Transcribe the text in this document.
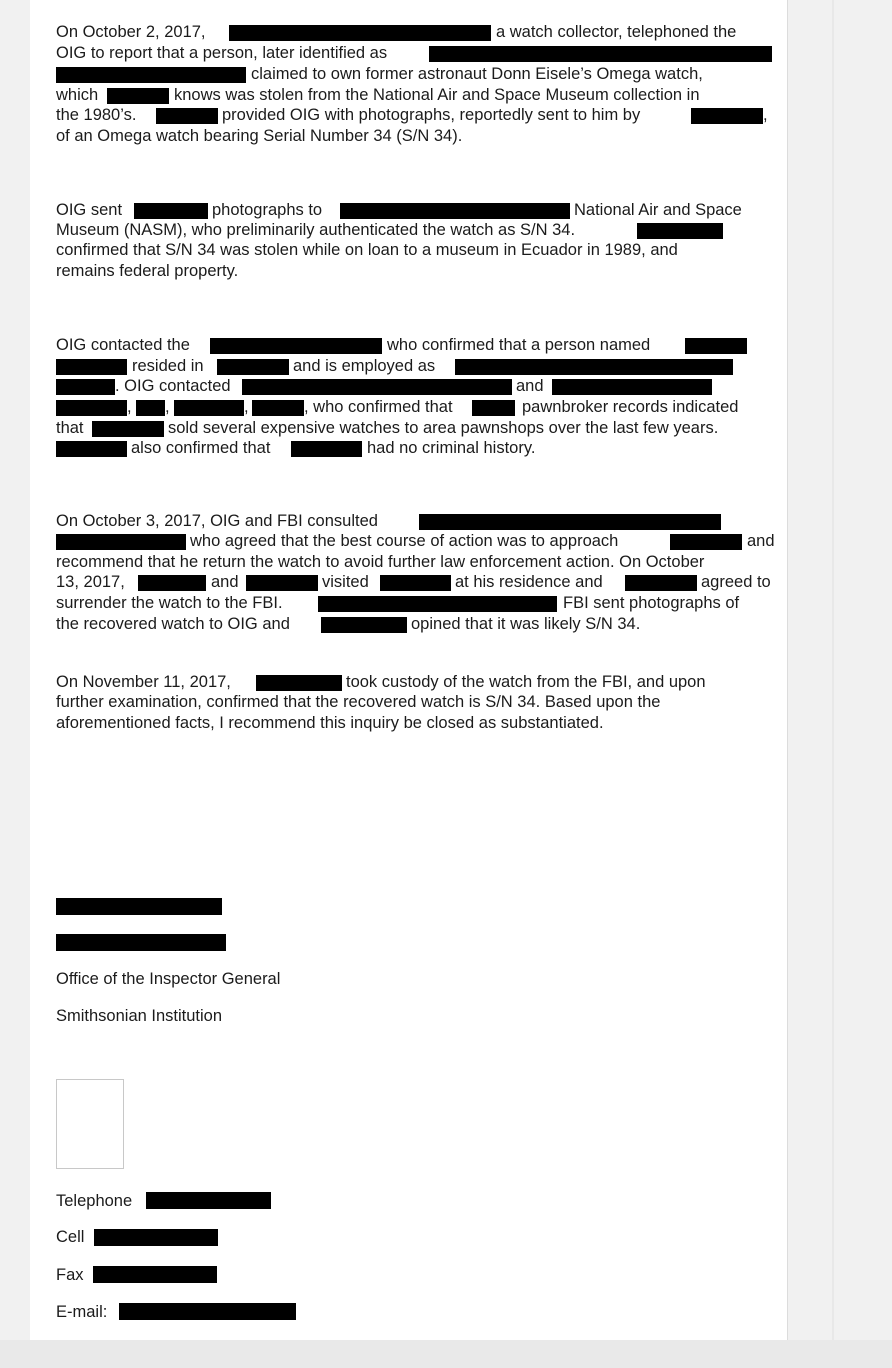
On October 2, 2017,	a watch collector, telephoned the
OIG to report that a person, later identified as
claimed to own former astronaut Donn Eisele’s Omega watch,
which	knows was stolen from the National Air and Space Museum collection in
the 1980’s.	provided OIG with photographs, reportedly sent to him by	,
of an Omega watch bearing Serial Number 34 (S/N 34).
OIG sent	photographs to	National Air and Space
Museum (NASM), who preliminarily authenticated the watch as S/N 34.
confirmed that S/N 34 was stolen while on loan to a museum in Ecuador in 1989, and
remains federal property.
OIG contacted the	who confirmed that a person named
resided in	and is employed as
. OIG contacted	and
, ,	,	, who confirmed that	pawnbroker records indicated
that	sold several expensive watches to area pawnshops over the last few years.
also confirmed that	had no criminal history.
On October 3, 2017, OIG and FBI consulted
who agreed that the best course of action was to approach	and
recommend that he return the watch to avoid further law enforcement action. On October
13, 2017,	and	visited	at his residence and	agreed to
surrender the watch to the FBI.	FBI sent photographs of
the recovered watch to OIG and	opined that it was likely S/N 34.
On November 11, 2017,	took custody of the watch from the FBI, and upon
further examination, confirmed that the recovered watch is S/N 34. Based upon the
aforementioned facts, I recommend this inquiry be closed as substantiated.
Office of the Inspector General
Smithsonian Institution
Telephone
Cell
Fax
E-mail:
